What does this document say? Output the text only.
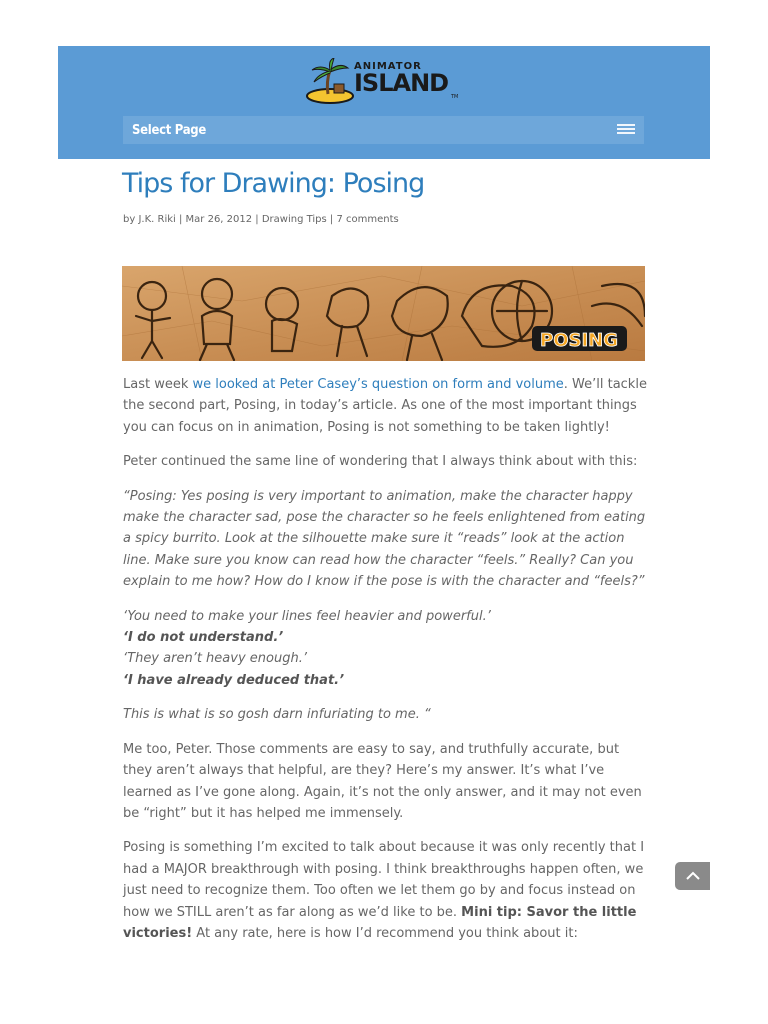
ANIMATOR
ISLAND TM
Select Page
Tips for Drawing: Posing
by J.K. Riki | Mar 26, 2012 | Drawing Tips | 7 comments
POSING

Last week we looked at Peter Casey’s question on form and volume. We’ll tackle the second part, Posing, in today’s article. As one of the most important things you can focus on in animation, Posing is not something to be taken lightly!

Peter continued the same line of wondering that I always think about with this:

“Posing: Yes posing is very important to animation, make the character happy make the character sad, pose the character so he feels enlightened from eating a spicy burrito. Look at the silhouette make sure it “reads” look at the action line. Make sure you know can read how the character “feels.” Really? Can you explain to me how? How do I know if the pose is with the character and “feels?”

‘You need to make your lines feel heavier and powerful.’
‘I do not understand.’
‘They aren’t heavy enough.’
‘I have already deduced that.’

This is what is so gosh darn infuriating to me. “

Me too, Peter. Those comments are easy to say, and truthfully accurate, but they aren’t always that helpful, are they? Here’s my answer. It’s what I’ve learned as I’ve gone along. Again, it’s not the only answer, and it may not even be “right” but it has helped me immensely.

Posing is something I’m excited to talk about because it was only recently that I had a MAJOR breakthrough with posing. I think breakthroughs happen often, we just need to recognize them. Too often we let them go by and focus instead on how we STILL aren’t as far along as we’d like to be. Mini tip: Savor the little victories! At any rate, here is how I’d recommend you think about it:
